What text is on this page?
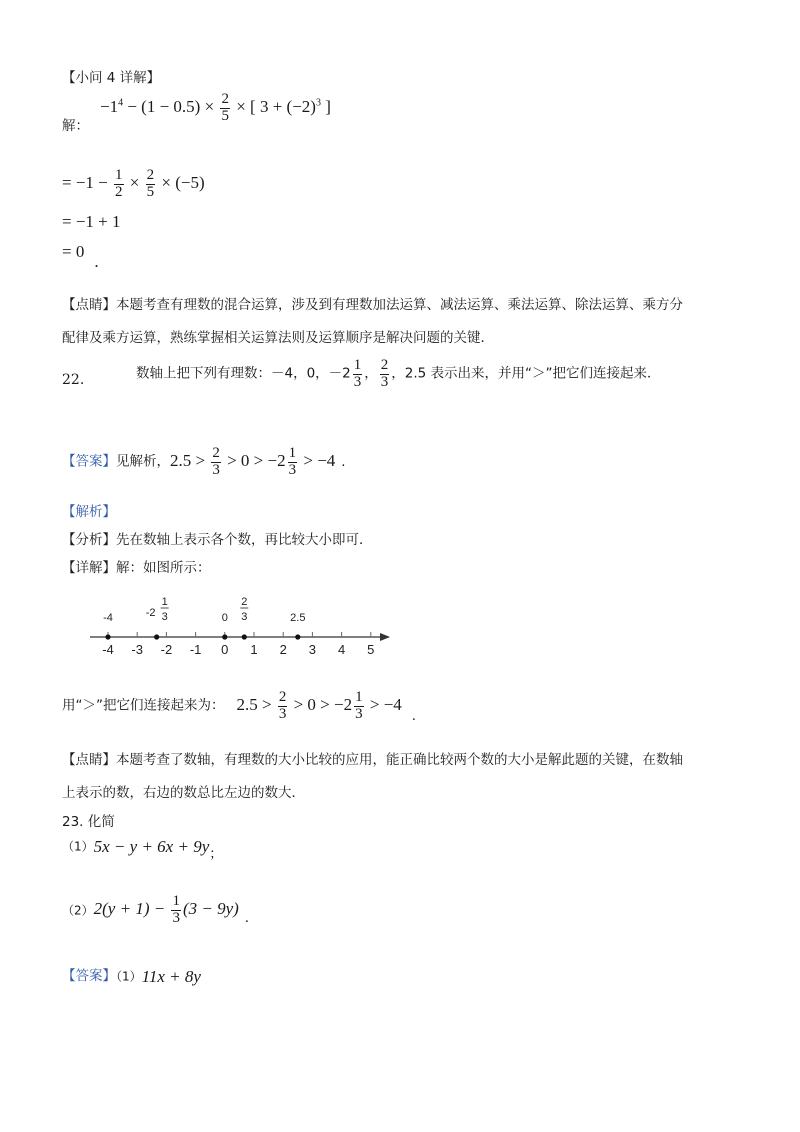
【小问 4 详解】
解：
$-1^4 - (1 - 0.5) \times \frac{2}{5}$ × [ $3 + (-2)^3$ ]
= $-1 - \frac{1}{2} \times \frac{2}{5} \times (-5)$
= −1 + 1
= 0.
【点睛】本题考查有理数的混合运算，涉及到有理数加法运算、减法运算、乘法运算、除法运算、乘方分
配律及乘方运算，熟练掌握相关运算法则及运算顺序是解决问题的关键．
22.	数轴上把下列有理数：－4，0，$-2 \frac{1}{3}$ ， $\frac{2}{3}$ ，2.5 表示出来，并用“＞”把它们连接起来．
【答案】见解析，$2.5 > \frac{2}{3} > 0 > -2 \frac{1}{3} > -4$ .
【解析】
【分析】先在数轴上表示各个数，再比较大小即可．
【详解】解：如图所示：
-4 -3 -2 -1 0 1 2 3 4 5
-4	-2
1
3	0
2
3	2.5
用“＞”把它们连接起来为： $2.5 > \frac{2}{3} > 0 > -2 \frac{1}{3} > -4$.
【点睛】本题考查了数轴，有理数的大小比较的应用，能正确比较两个数的大小是解此题的关键，在数轴
上表示的数，右边的数总比左边的数大．
23. 化简
（1）5x − y + 6x + 9y；
$(2)2(y + 1) - \frac{1}{3} (3 - 9y)$ .
【答案】（1）11x + 8y
